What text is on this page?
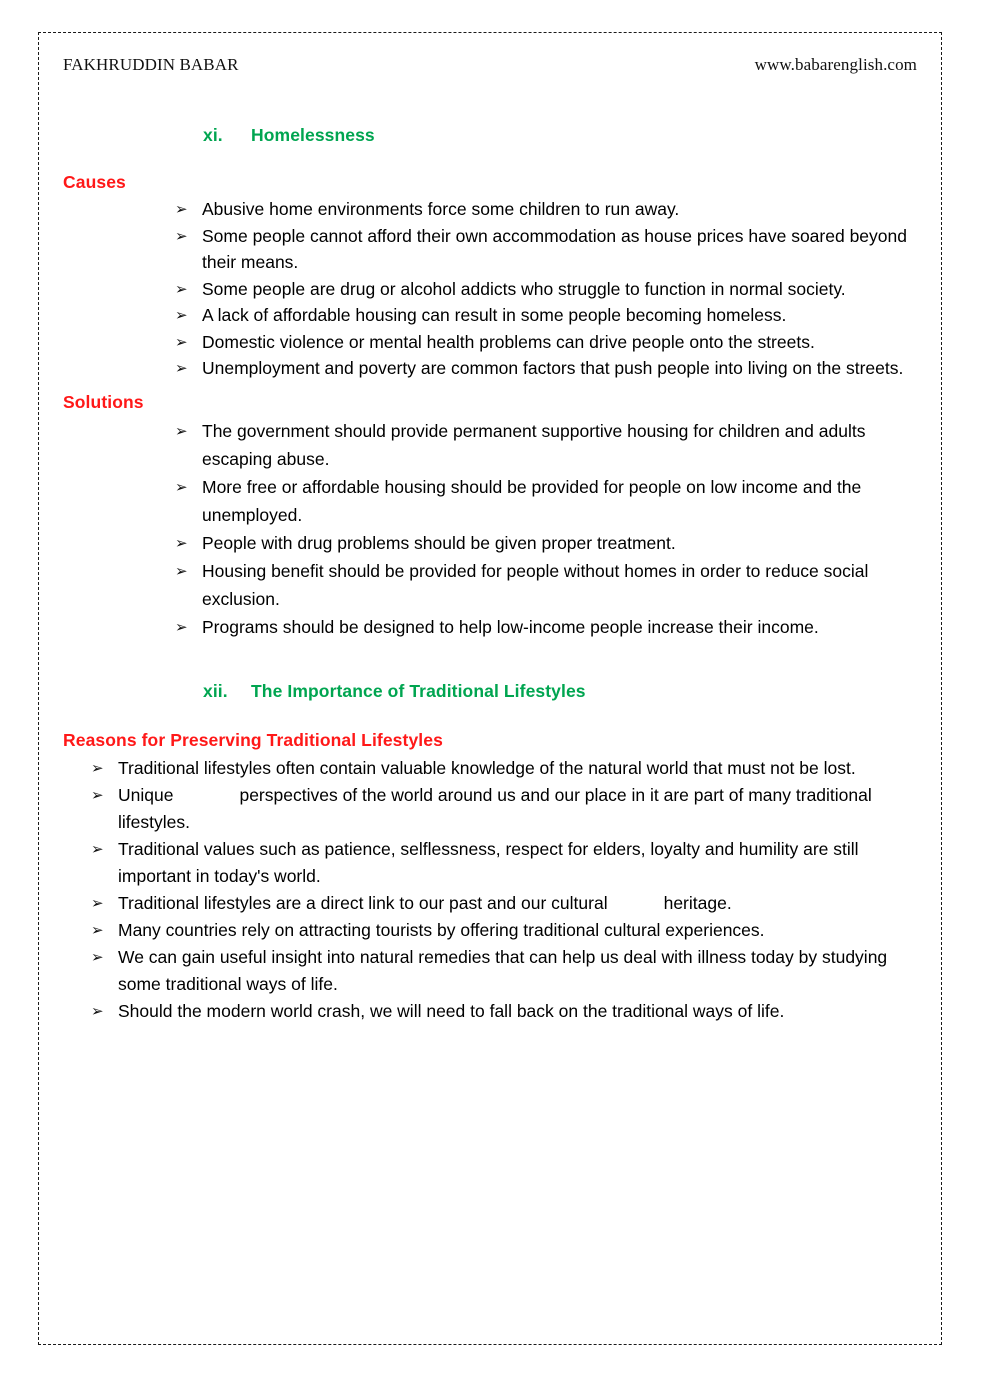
FAKHRUDDIN BABAR	www.babarenglish.com
xi.	Homelessness
Causes
➢ Abusive home environments force some children to run away.
➢ Some people cannot afford their own accommodation as house prices have soared beyond their means.
➢ Some people are drug or alcohol addicts who struggle to function in normal society.
➢ A lack of affordable housing can result in some people becoming homeless.
➢ Domestic violence or mental health problems can drive people onto the streets.
➢ Unemployment and poverty are common factors that push people into living on the streets.
Solutions
➢ The government should provide permanent supportive housing for children and adults escaping abuse.
➢ More free or affordable housing should be provided for people on low income and the unemployed.
➢ People with drug problems should be given proper treatment.
➢ Housing benefit should be provided for people without homes in order to reduce social exclusion.
➢ Programs should be designed to help low-income people increase their income.
xii.	The Importance of Traditional Lifestyles
Reasons for Preserving Traditional Lifestyles
➢ Traditional lifestyles often contain valuable knowledge of the natural world that must not be lost.
➢ Unique	perspectives of the world around us and our place in it are part of many traditional lifestyles.
➢ Traditional values such as patience, selflessness, respect for elders, loyalty and humility are still important in today's world.
➢ Traditional lifestyles are a direct link to our past and our cultural	heritage.
➢ Many countries rely on attracting tourists by offering traditional cultural experiences.
➢ We can gain useful insight into natural remedies that can help us deal with illness today by studying some traditional ways of life.
➢ Should the modern world crash, we will need to fall back on the traditional ways of life.
